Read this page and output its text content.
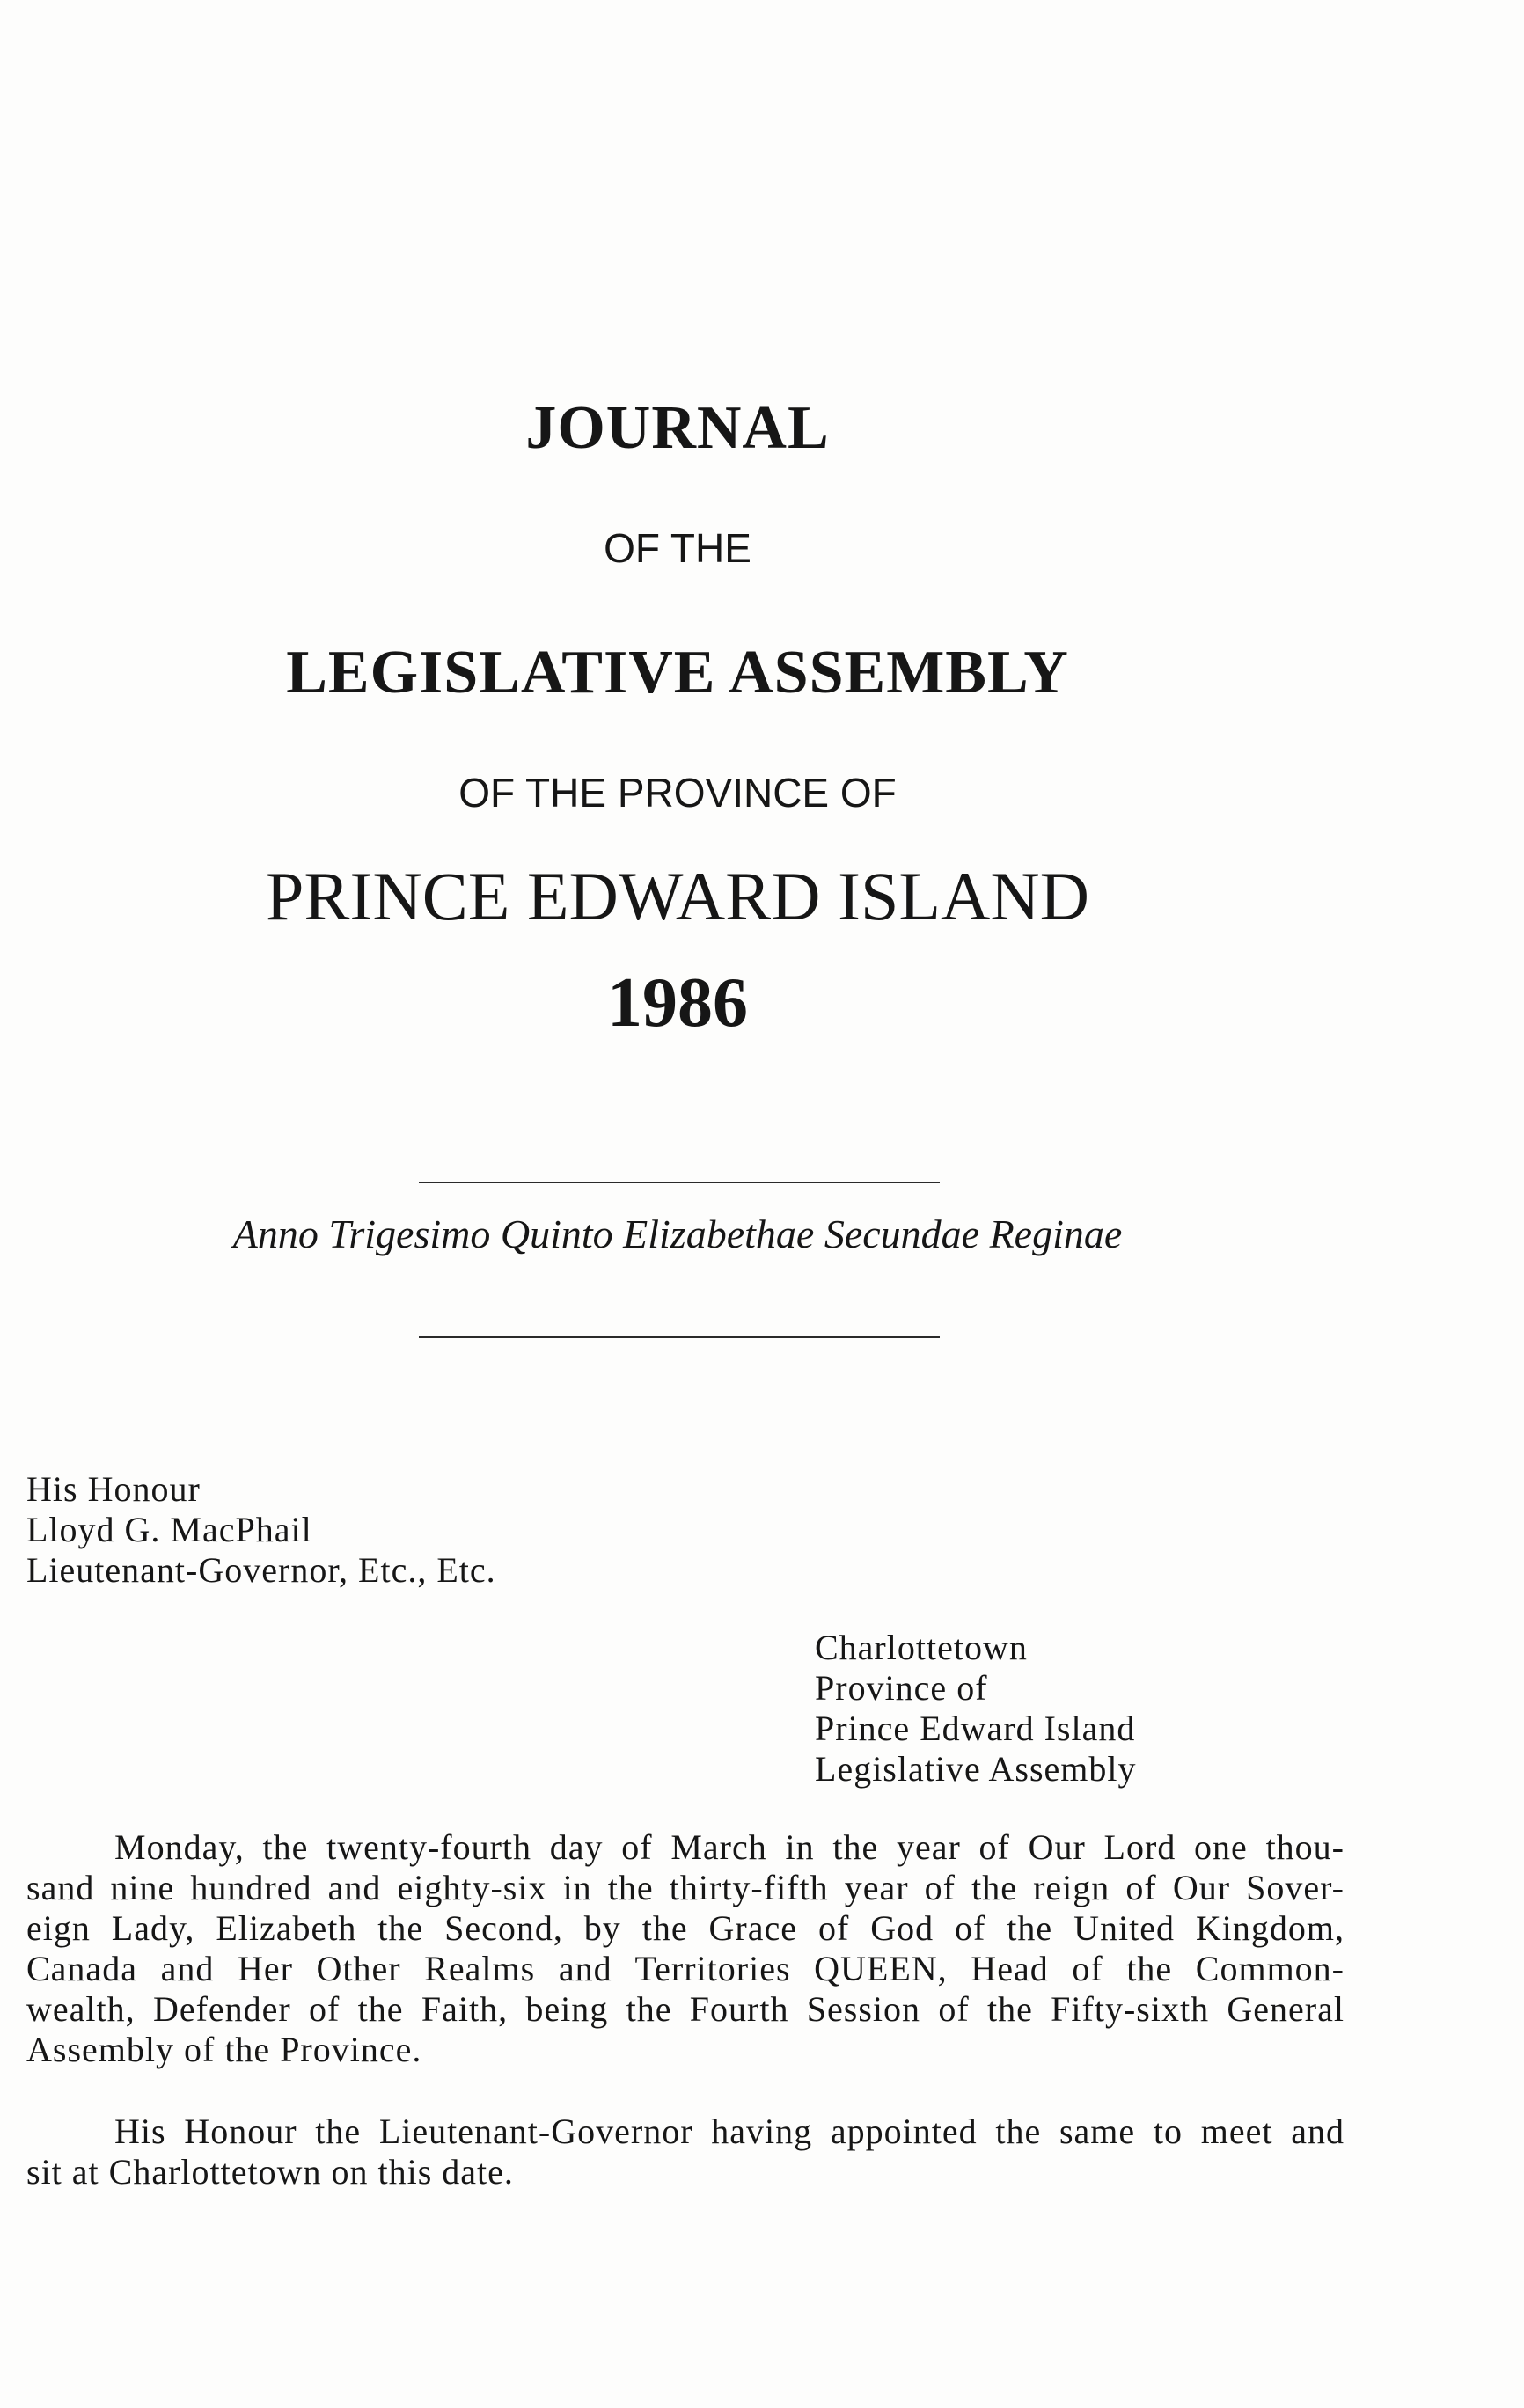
JOURNAL
OF THE
LEGISLATIVE ASSEMBLY
OF THE PROVINCE OF
PRINCE EDWARD ISLAND
1986
Anno Trigesimo Quinto Elizabethae Secundae Reginae
His Honour
Lloyd G. MacPhail
Lieutenant-Governor, Etc., Etc.
Charlottetown
Province of
Prince Edward Island
Legislative Assembly
Monday, the twenty-fourth day of March in the year of Our Lord one thou-
sand nine hundred and eighty-six in the thirty-fifth year of the reign of Our Sover-
eign Lady, Elizabeth the Second, by the Grace of God of the United Kingdom,
Canada and Her Other Realms and Territories QUEEN, Head of the Common-
wealth, Defender of the Faith, being the Fourth Session of the Fifty-sixth General
Assembly of the Province.
His Honour the Lieutenant-Governor having appointed the same to meet and
sit at Charlottetown on this date.
